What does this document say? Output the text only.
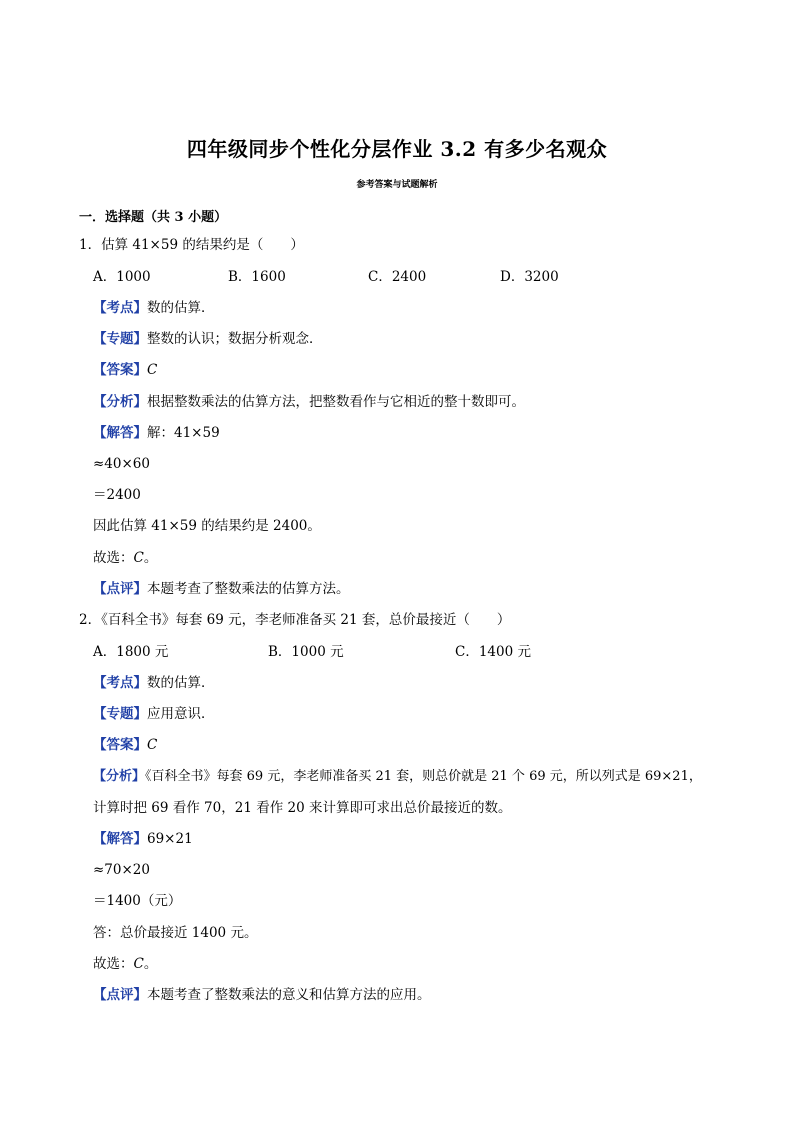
四年级同步个性化分层作业 3.2 有多少名观众
参考答案与试题解析
一．选择题（共 3 小题）
1．估算 41×59 的结果约是（　　）
A．1000	B．1600	C．2400	D．3200
【考点】数的估算．
【专题】整数的认识；数据分析观念．
【答案】C
【分析】根据整数乘法的估算方法，把整数看作与它相近的整十数即可。
【解答】解：41×59
≈40×60
＝2400
因此估算 41×59 的结果约是 2400。
故选：C。
【点评】本题考查了整数乘法的估算方法。
2．《百科全书》每套 69 元，李老师准备买 21 套，总价最接近（　　）
A．1800 元	B．1000 元	C．1400 元
【考点】数的估算．
【专题】应用意识．
【答案】C
【分析】《百科全书》每套 69 元，李老师准备买 21 套，则总价就是 21 个 69 元，所以列式是 69×21，
计算时把 69 看作 70，21 看作 20 来计算即可求出总价最接近的数。
【解答】69×21
≈70×20
＝1400（元）
答：总价最接近 1400 元。
故选：C。
【点评】本题考查了整数乘法的意义和估算方法的应用。
